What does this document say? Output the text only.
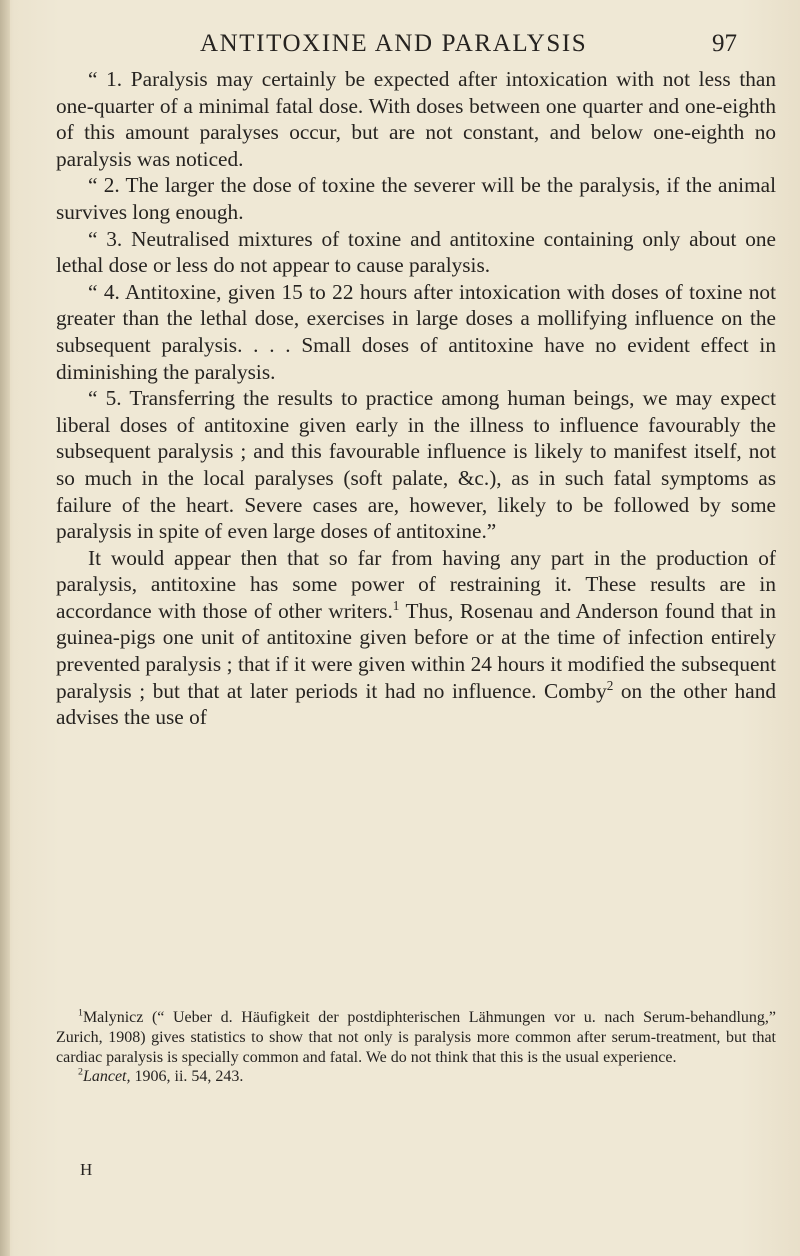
ANTITOXINE AND PARALYSIS	97

“ 1. Paralysis may certainly be expected after intoxication with not less than one-quarter of a minimal fatal dose. With doses between one quarter and one-eighth of this amount paralyses occur, but are not constant, and below one-eighth no paralysis was noticed.

“ 2. The larger the dose of toxine the severer will be the paralysis, if the animal survives long enough.

“ 3. Neutralised mixtures of toxine and antitoxine containing only about one lethal dose or less do not appear to cause paralysis.

“ 4. Antitoxine, given 15 to 22 hours after intoxication with doses of toxine not greater than the lethal dose, exercises in large doses a mollifying influence on the subsequent paralysis. . . . Small doses of antitoxine have no evident effect in diminishing the paralysis.

“ 5. Transferring the results to practice among human beings, we may expect liberal doses of antitoxine given early in the illness to influence favourably the subsequent paralysis ; and this favourable influence is likely to manifest itself, not so much in the local paralyses (soft palate, &c.), as in such fatal symptoms as failure of the heart. Severe cases are, however, likely to be followed by some paralysis in spite of even large doses of antitoxine.”

It would appear then that so far from having any part in the production of paralysis, antitoxine has some power of restraining it. These results are in accordance with those of other writers.$^1$ Thus, Rosenau and Anderson found that in guinea-pigs one unit of antitoxine given before or at the time of infection entirely prevented paralysis ; that if it were given within 24 hours it modified the subsequent paralysis ; but that at later periods it had no influence. Comby$^2$ on the other hand advises the use of

$^1$Malynicz (“ Ueber d. Häufigkeit der postdiphterischen Lähmungen vor u. nach Serum-behandlung,” Zurich, 1908) gives statistics to show that not only is paralysis more common after serum-treatment, but that cardiac paralysis is specially common and fatal. We do not think that this is the usual experience.

$^2$Lancet, 1906, ii. 54, 243.

H
